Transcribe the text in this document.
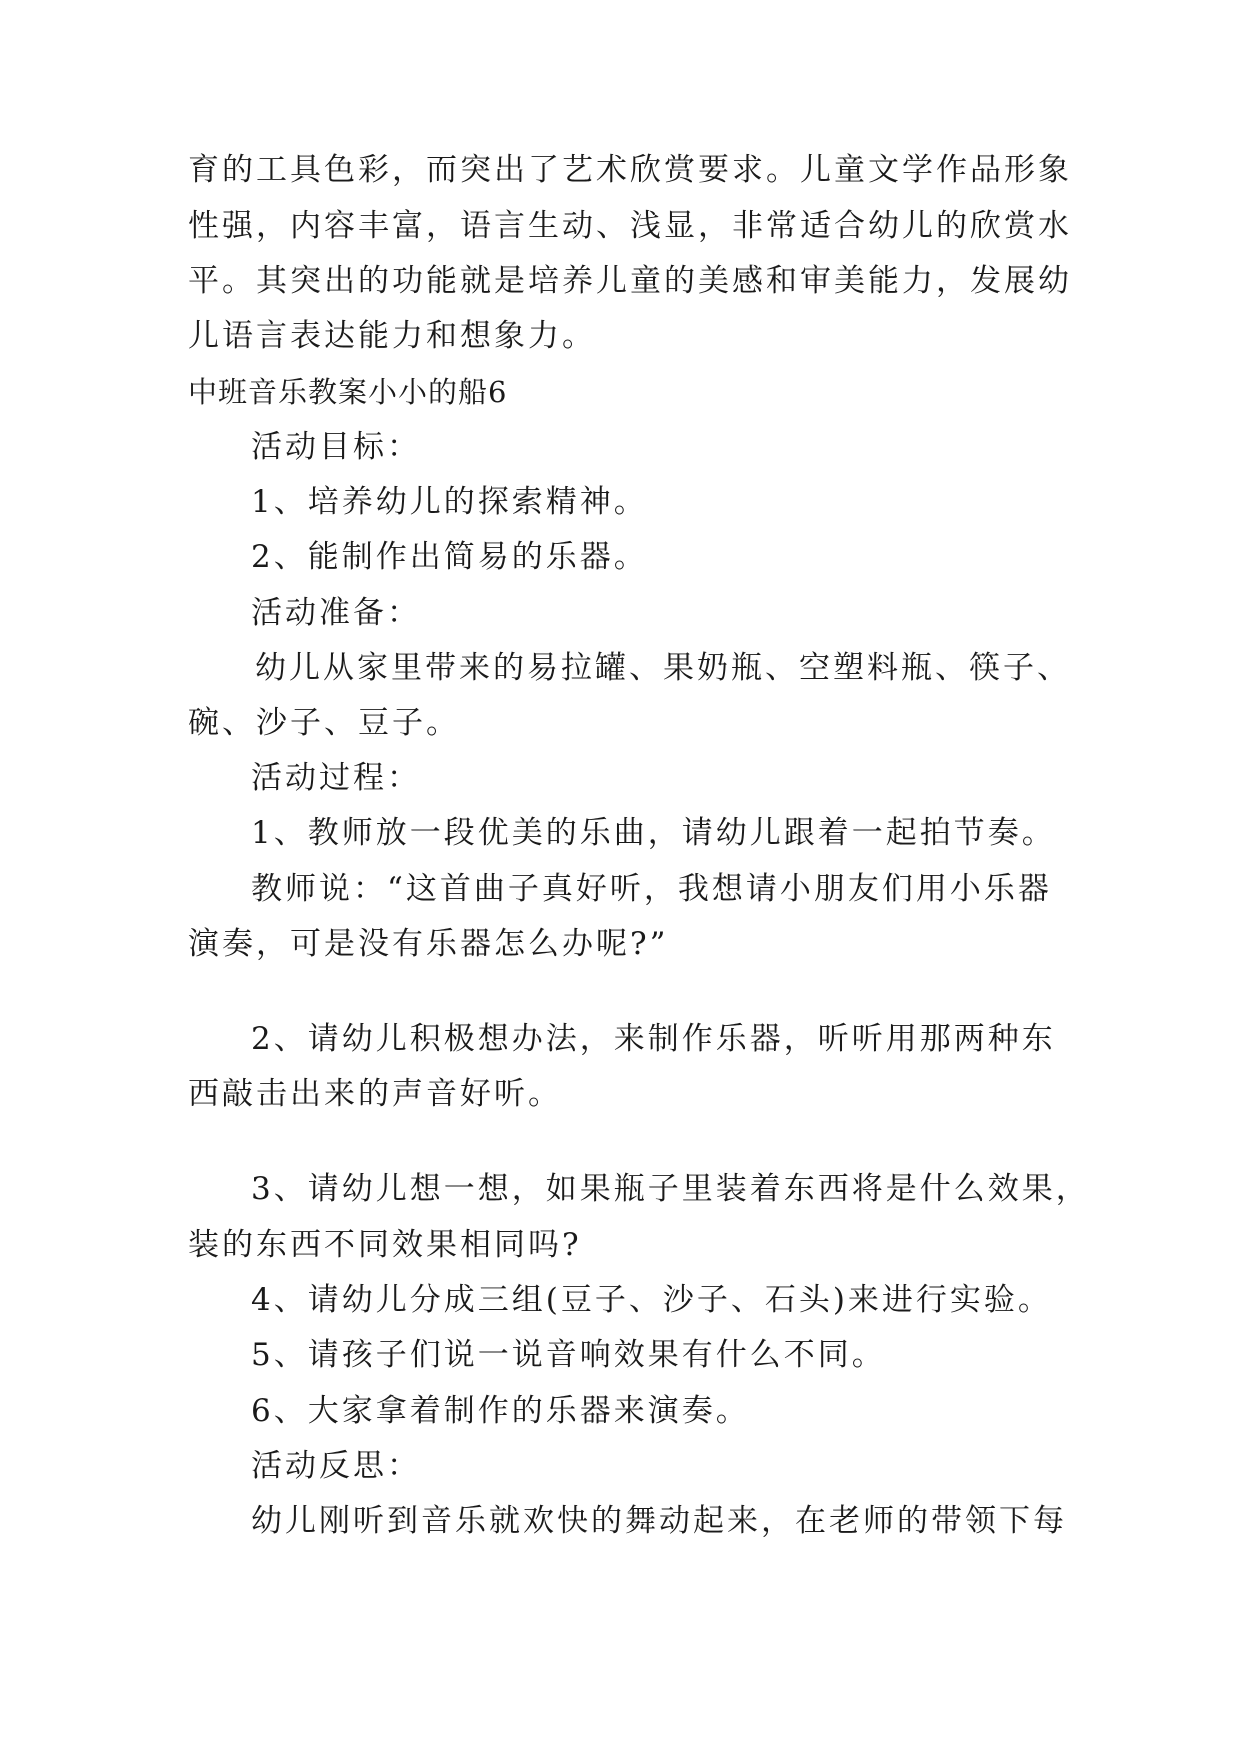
育的工具色彩，而突出了艺术欣赏要求。儿童文学作品形象
性强，内容丰富，语言生动、浅显，非常适合幼儿的欣赏水
平。其突出的功能就是培养儿童的美感和审美能力，发展幼
儿语言表达能力和想象力。
中班音乐教案小小的船6
活动目标：
1、培养幼儿的探索精神。
2、能制作出简易的乐器。
活动准备：
幼儿从家里带来的易拉罐、果奶瓶、空塑料瓶、筷子、
碗、沙子、豆子。
活动过程：
1、教师放一段优美的乐曲，请幼儿跟着一起拍节奏。
教师说：“这首曲子真好听，我想请小朋友们用小乐器
演奏，可是没有乐器怎么办呢?”
2、请幼儿积极想办法，来制作乐器，听听用那两种东
西敲击出来的声音好听。
3、请幼儿想一想，如果瓶子里装着东西将是什么效果，
装的东西不同效果相同吗?
4、请幼儿分成三组(豆子、沙子、石头)来进行实验。
5、请孩子们说一说音响效果有什么不同。
6、大家拿着制作的乐器来演奏。
活动反思：
幼儿刚听到音乐就欢快的舞动起来，在老师的带领下每
